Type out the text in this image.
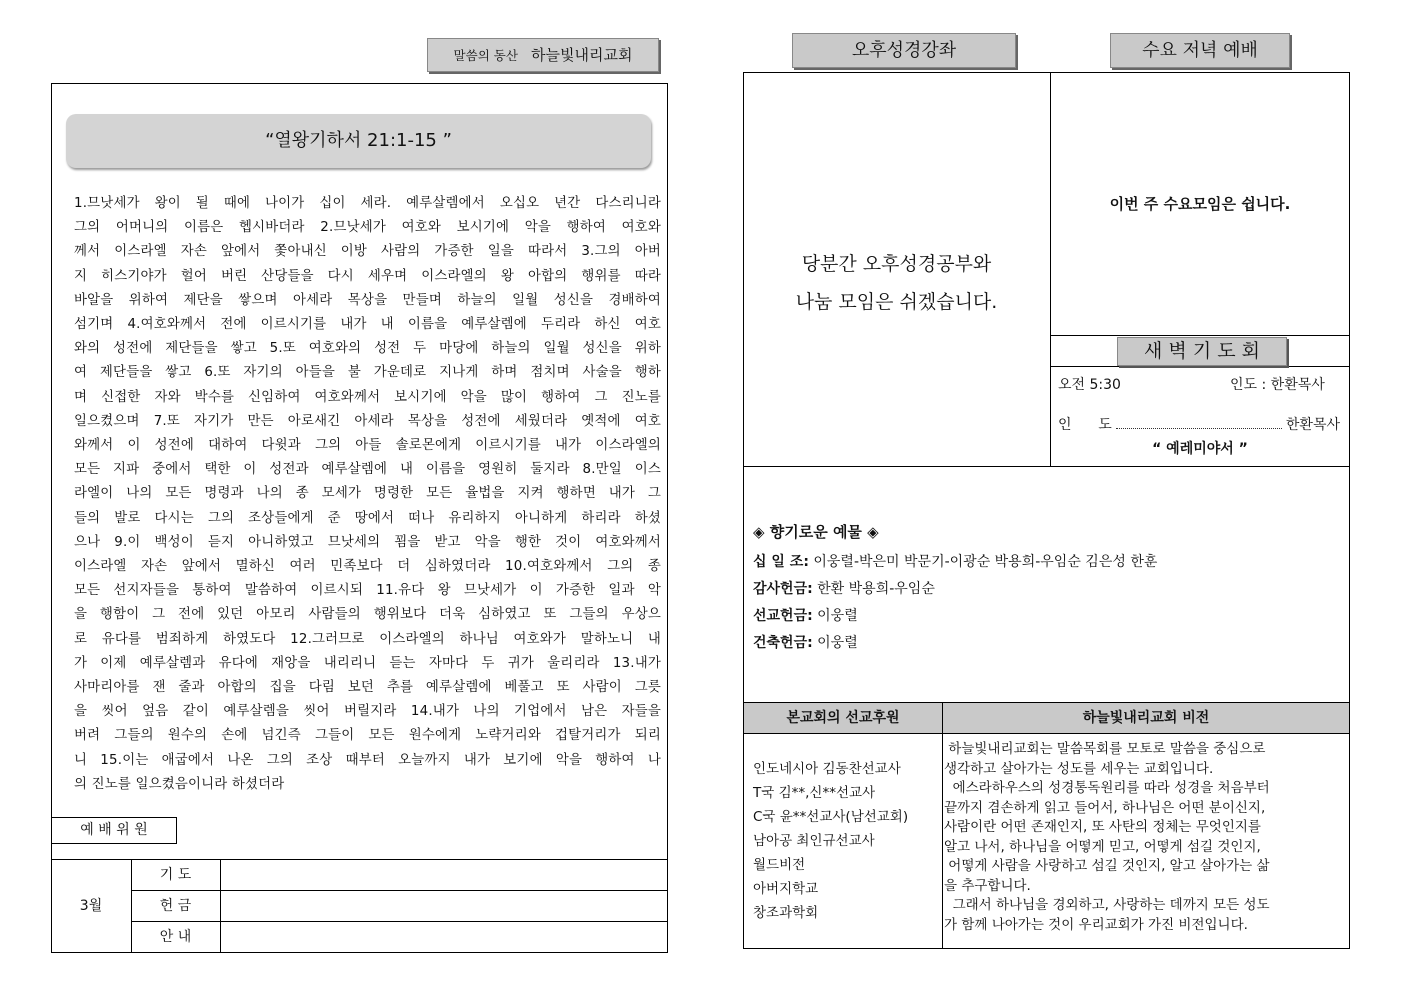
말씀의 동산 하늘빛내리교회
“열왕기하서 21:1-15 ”
1.므낫세가 왕이 될 때에 나이가 십이 세라. 예루살렘에서 오십오 년간 다스리니라
그의 어머니의 이름은 헵시바더라 2.므낫세가 여호와 보시기에 악을 행하여 여호와
께서 이스라엘 자손 앞에서 쫓아내신 이방 사람의 가증한 일을 따라서 3.그의 아버
지 히스기야가 헐어 버린 산당들을 다시 세우며 이스라엘의 왕 아합의 행위를 따라
바알을 위하여 제단을 쌓으며 아세라 목상을 만들며 하늘의 일월 성신을 경배하여
섬기며 4.여호와께서 전에 이르시기를 내가 내 이름을 예루살렘에 두리라 하신 여호
와의 성전에 제단들을 쌓고 5.또 여호와의 성전 두 마당에 하늘의 일월 성신을 위하
여 제단들을 쌓고 6.또 자기의 아들을 불 가운데로 지나게 하며 점치며 사술을 행하
며 신접한 자와 박수를 신임하여 여호와께서 보시기에 악을 많이 행하여 그 진노를
일으켰으며 7.또 자기가 만든 아로새긴 아세라 목상을 성전에 세웠더라 옛적에 여호
와께서 이 성전에 대하여 다윗과 그의 아들 솔로몬에게 이르시기를 내가 이스라엘의
모든 지파 중에서 택한 이 성전과 예루살렘에 내 이름을 영원히 둘지라 8.만일 이스
라엘이 나의 모든 명령과 나의 종 모세가 명령한 모든 율법을 지켜 행하면 내가 그
들의 발로 다시는 그의 조상들에게 준 땅에서 떠나 유리하지 아니하게 하리라 하셨
으나 9.이 백성이 듣지 아니하였고 므낫세의 꾐을 받고 악을 행한 것이 여호와께서
이스라엘 자손 앞에서 멸하신 여러 민족보다 더 심하였더라 10.여호와께서 그의 종
모든 선지자들을 통하여 말씀하여 이르시되 11.유다 왕 므낫세가 이 가증한 일과 악
을 행함이 그 전에 있던 아모리 사람들의 행위보다 더욱 심하였고 또 그들의 우상으
로 유다를 범죄하게 하였도다 12.그러므로 이스라엘의 하나님 여호와가 말하노니 내
가 이제 예루살렘과 유다에 재앙을 내리리니 듣는 자마다 두 귀가 울리리라 13.내가
사마리아를 잰 줄과 아합의 집을 다림 보던 추를 예루살렘에 베풀고 또 사람이 그릇
을 씻어 엎음 같이 예루살렘을 씻어 버릴지라 14.내가 나의 기업에서 남은 자들을
버려 그들의 원수의 손에 넘긴즉 그들이 모든 원수에게 노략거리와 겁탈거리가 되리
니 15.이는 애굽에서 나온 그의 조상 때부터 오늘까지 내가 보기에 악을 행하여 나
의 진노를 일으켰음이니라 하셨더라
예 배 위 원
3월
기 도
헌 금
안 내
오후성경강좌	수요 저녁 예배
당분간 오후성경공부와
나눔 모임은 쉬겠습니다.
이번 주 수요모임은 쉽니다.
새 벽 기 도 회
오전 5:30	인도 : 한환목사
인      도	한환목사
“ 예레미야서 ”
◈ 향기로운 예물 ◈
십 일 조: 이웅렬-박은미 박문기-이광순 박용희-우임순 김은성 한훈
감사헌금: 한환 박용희-우임순
선교헌금: 이웅렬
건축헌금: 이웅렬
본교회의 선교후원	하늘빛내리교회 비전
인도네시아 김동찬선교사
T국 김**,신**선교사
C국 윤**선교사(남선교회)
남아공 최인규선교사
월드비전
아버지학교
창조과학회
하늘빛내리교회는 말씀목회를 모토로 말씀을 중심으로
생각하고 살아가는 성도를 세우는 교회입니다.
에스라하우스의 성경통독원리를 따라 성경을 처음부터
끝까지 겸손하게 읽고 들어서, 하나님은 어떤 분이신지,
사람이란 어떤 존재인지, 또 사탄의 정체는 무엇인지를
알고 나서, 하나님을 어떻게 믿고, 어떻게 섬길 것인지,
어떻게 사람을 사랑하고 섬길 것인지, 알고 살아가는 삶
을 추구합니다.
그래서 하나님을 경외하고, 사랑하는 데까지 모든 성도
가 함께 나아가는 것이 우리교회가 가진 비전입니다.
